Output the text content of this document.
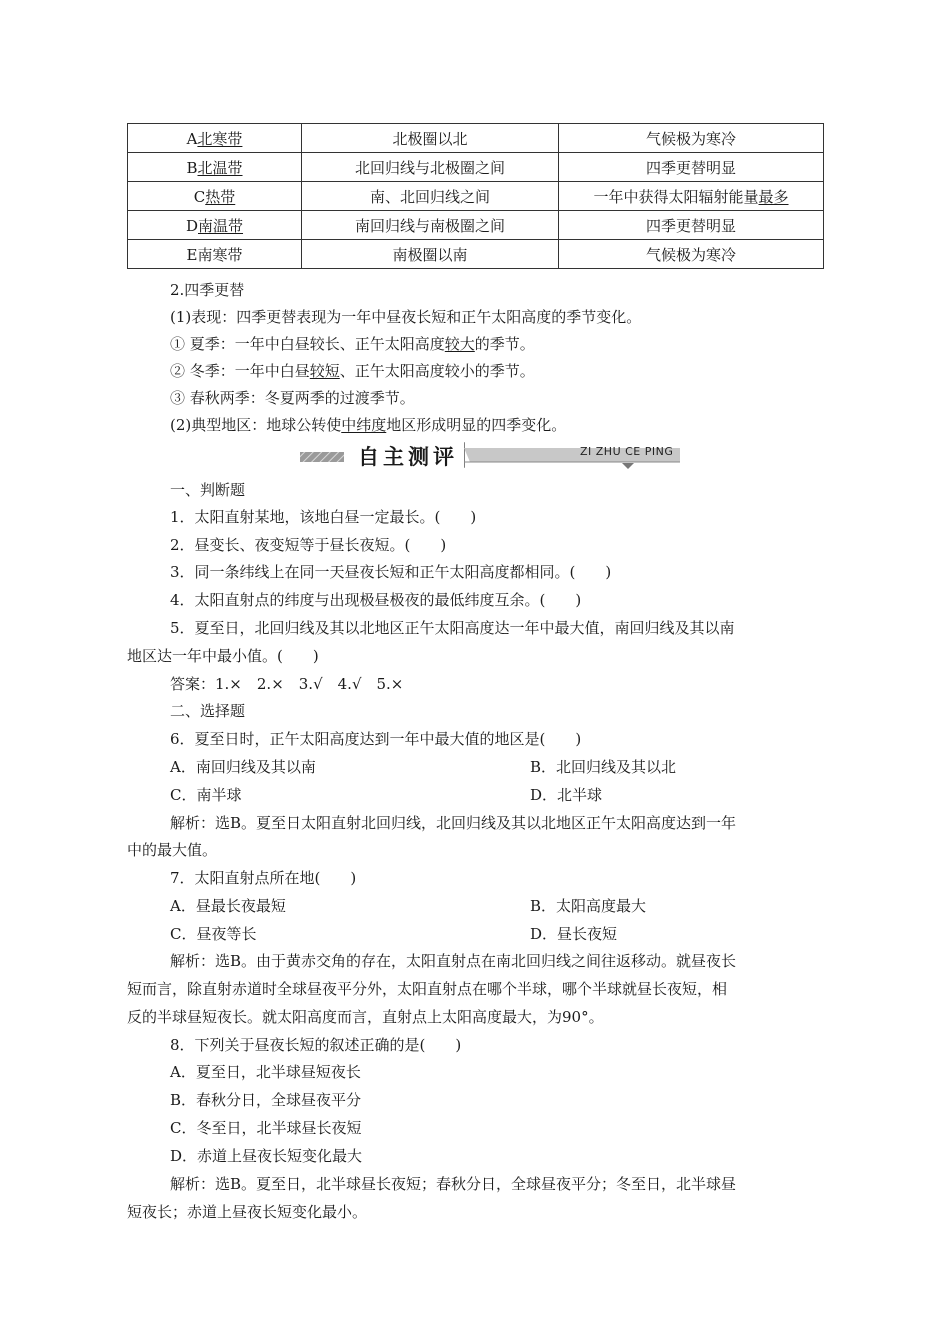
A北寒带	北极圈以北	气候极为寒冷
B北温带	北回归线与北极圈之间	四季更替明显
C热带	南、北回归线之间	一年中获得太阳辐射能量最多
D南温带	南回归线与南极圈之间	四季更替明显
E南寒带	南极圈以南	气候极为寒冷
2.四季更替
(1)表现：四季更替表现为一年中昼夜长短和正午太阳高度的季节变化。
① 夏季：一年中白昼较长、正午太阳高度较大的季节。
② 冬季：一年中白昼较短、正午太阳高度较小的季节。
③ 春秋两季：冬夏两季的过渡季节。
(2)典型地区：地球公转使中纬度地区形成明显的四季变化。
自主测评	ZI ZHU CE PING
一、判断题
1．太阳直射某地，该地白昼一定最长。(　　)
2．昼变长、夜变短等于昼长夜短。(　　)
3．同一条纬线上在同一天昼夜长短和正午太阳高度都相同。(　　)
4．太阳直射点的纬度与出现极昼极夜的最低纬度互余。(　　)
5．夏至日，北回归线及其以北地区正午太阳高度达一年中最大值，南回归线及其以南
地区达一年中最小值。(　　)
答案：1.×　2.×　3.√　4.√　5.×
二、选择题
6．夏至日时，正午太阳高度达到一年中最大值的地区是(　　)
A．南回归线及其以南	B．北回归线及其以北
C．南半球	D．北半球
解析：选B。夏至日太阳直射北回归线，北回归线及其以北地区正午太阳高度达到一年
中的最大值。
7．太阳直射点所在地(　　)
A．昼最长夜最短	B．太阳高度最大
C．昼夜等长	D．昼长夜短
解析：选B。由于黄赤交角的存在，太阳直射点在南北回归线之间往返移动。就昼夜长
短而言，除直射赤道时全球昼夜平分外，太阳直射点在哪个半球，哪个半球就昼长夜短，相
反的半球昼短夜长。就太阳高度而言，直射点上太阳高度最大，为90°。
8．下列关于昼夜长短的叙述正确的是(　　)
A．夏至日，北半球昼短夜长
B．春秋分日，全球昼夜平分
C．冬至日，北半球昼长夜短
D．赤道上昼夜长短变化最大
解析：选B。夏至日，北半球昼长夜短；春秋分日，全球昼夜平分；冬至日，北半球昼
短夜长；赤道上昼夜长短变化最小。
